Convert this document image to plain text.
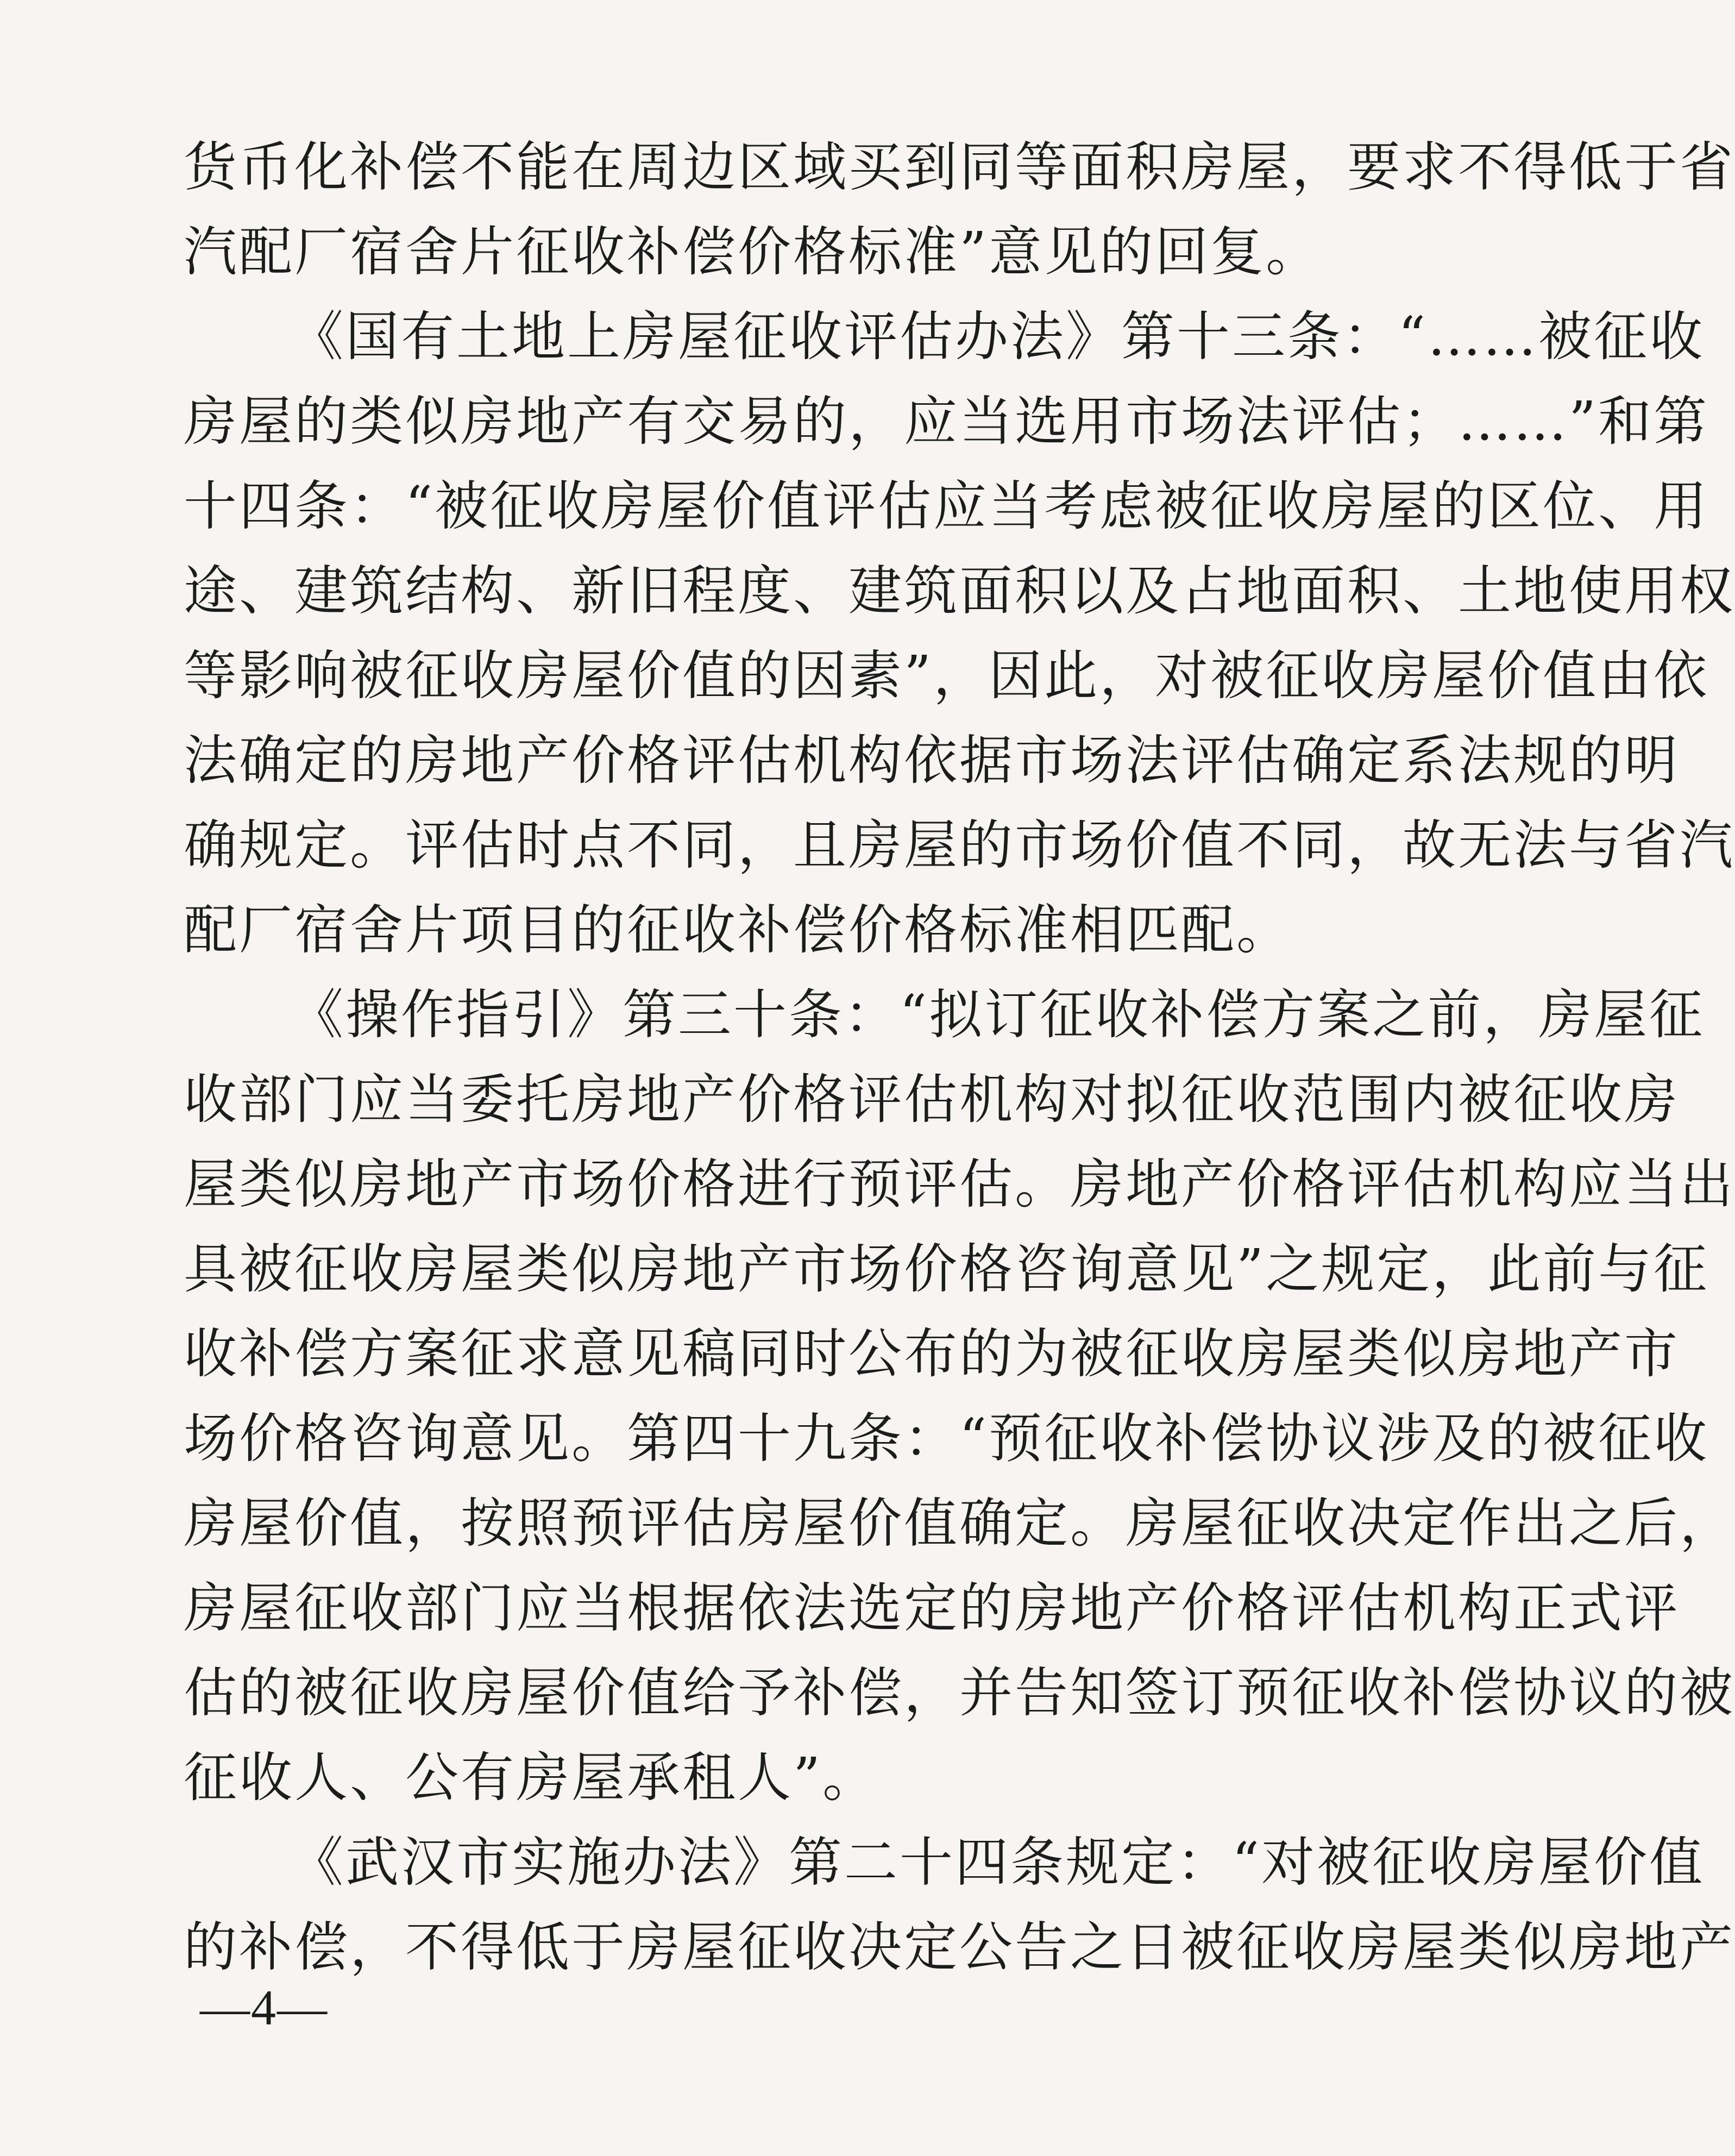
货币化补偿不能在周边区域买到同等面积房屋，要求不得低于省
汽配厂宿舍片征收补偿价格标准”意见的回复。
《国有土地上房屋征收评估办法》第十三条：“……被征收
房屋的类似房地产有交易的，应当选用市场法评估；……”和第
十四条：“被征收房屋价值评估应当考虑被征收房屋的区位、用
途、建筑结构、新旧程度、建筑面积以及占地面积、土地使用权
等影响被征收房屋价值的因素”，因此，对被征收房屋价值由依
法确定的房地产价格评估机构依据市场法评估确定系法规的明
确规定。评估时点不同，且房屋的市场价值不同，故无法与省汽
配厂宿舍片项目的征收补偿价格标准相匹配。
《操作指引》第三十条：“拟订征收补偿方案之前，房屋征
收部门应当委托房地产价格评估机构对拟征收范围内被征收房
屋类似房地产市场价格进行预评估。房地产价格评估机构应当出
具被征收房屋类似房地产市场价格咨询意见”之规定，此前与征
收补偿方案征求意见稿同时公布的为被征收房屋类似房地产市
场价格咨询意见。第四十九条：“预征收补偿协议涉及的被征收
房屋价值，按照预评估房屋价值确定。房屋征收决定作出之后，
房屋征收部门应当根据依法选定的房地产价格评估机构正式评
估的被征收房屋价值给予补偿，并告知签订预征收补偿协议的被
征收人、公有房屋承租人”。
《武汉市实施办法》第二十四条规定：“对被征收房屋价值
的补偿，不得低于房屋征收决定公告之日被征收房屋类似房地产
—4—
